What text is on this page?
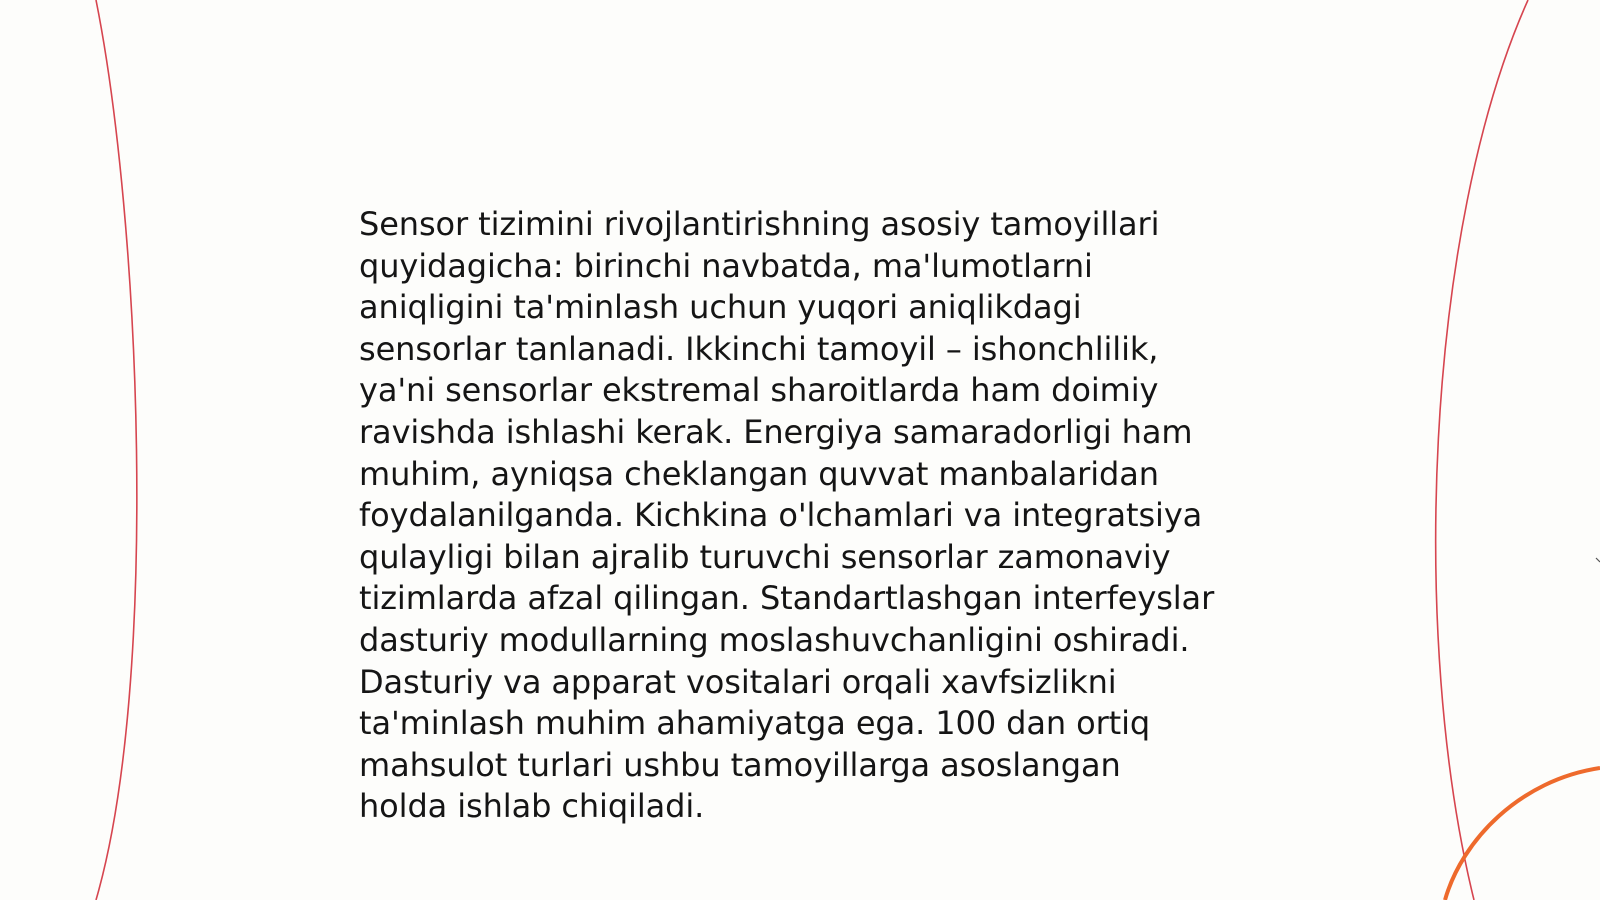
Sensor tizimini rivojlantirishning asosiy tamoyillari
quyidagicha: birinchi navbatda, ma'lumotlarni
aniqligini ta'minlash uchun yuqori aniqlikdagi
sensorlar tanlanadi. Ikkinchi tamoyil – ishonchlilik,
ya'ni sensorlar ekstremal sharoitlarda ham doimiy
ravishda ishlashi kerak. Energiya samaradorligi ham
muhim, ayniqsa cheklangan quvvat manbalaridan
foydalanilganda. Kichkina o'lchamlari va integratsiya
qulayligi bilan ajralib turuvchi sensorlar zamonaviy
tizimlarda afzal qilingan. Standartlashgan interfeyslar
dasturiy modullarning moslashuvchanligini oshiradi.
Dasturiy va apparat vositalari orqali xavfsizlikni
ta'minlash muhim ahamiyatga ega. 100 dan ortiq
mahsulot turlari ushbu tamoyillarga asoslangan
holda ishlab chiqiladi.
